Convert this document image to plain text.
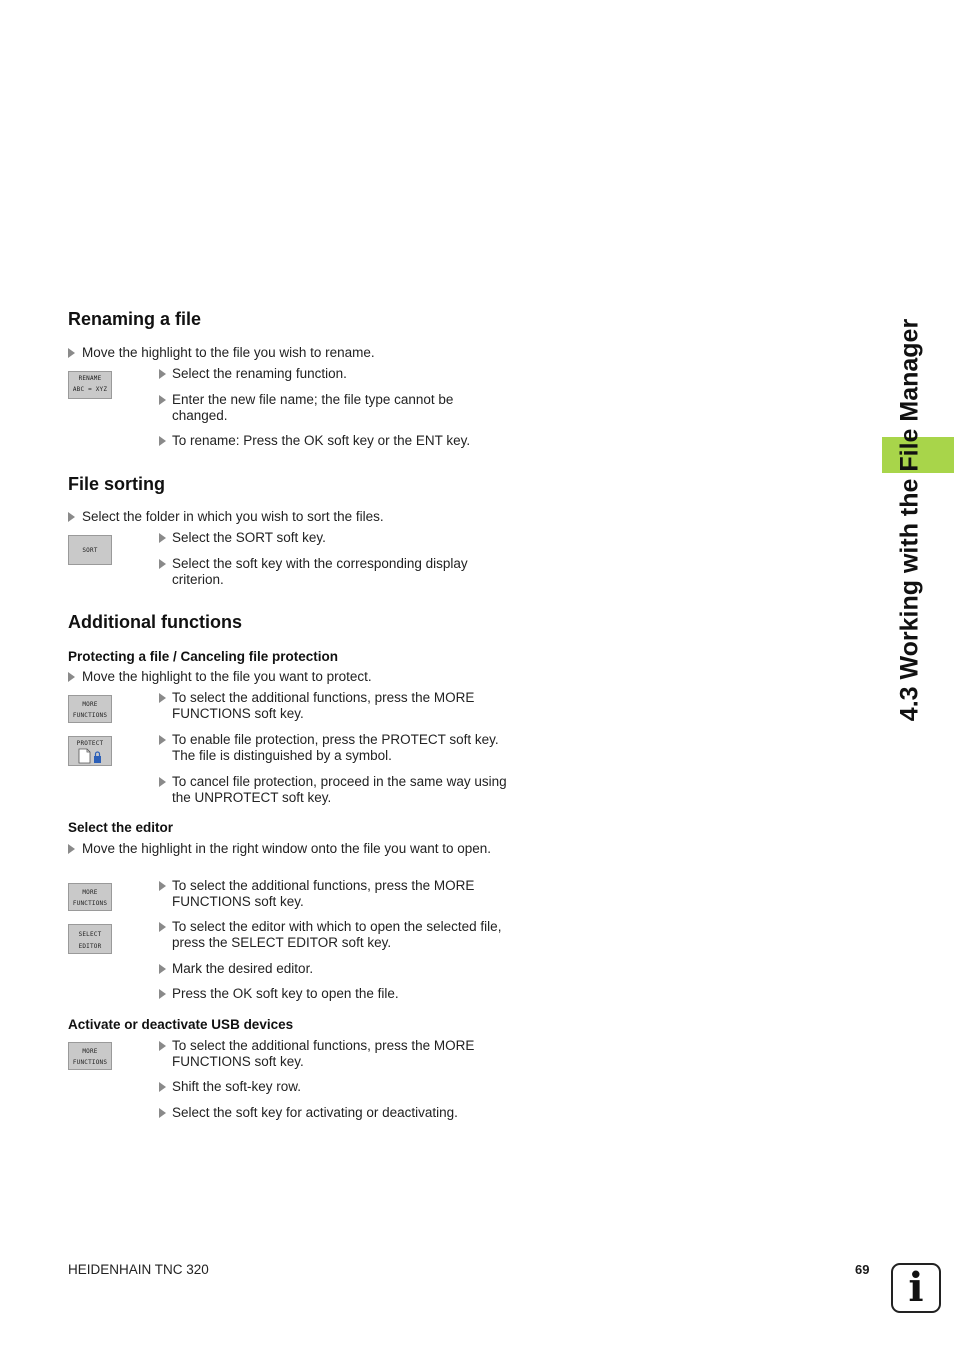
4.3 Working with the File Manager
Renaming a file
Move the highlight to the file you wish to rename.
RENAME
ABC = XYZ
Select the renaming function.
Enter the new file name; the file type cannot be changed.
To rename: Press the OK soft key or the ENT key.
File sorting
Select the folder in which you wish to sort the files.
SORT
Select the SORT soft key.
Select the soft key with the corresponding display criterion.
Additional functions
Protecting a file / Canceling file protection
Move the highlight to the file you want to protect.
MORE
FUNCTIONS
PROTECT
To select the additional functions, press the MORE FUNCTIONS soft key.
To enable file protection, press the PROTECT soft key. The file is distinguished by a symbol.
To cancel file protection, proceed in the same way using the UNPROTECT soft key.
Select the editor
Move the highlight in the right window onto the file you want to open.
MORE
FUNCTIONS
SELECT
EDITOR
To select the additional functions, press the MORE FUNCTIONS soft key.
To select the editor with which to open the selected file, press the SELECT EDITOR soft key.
Mark the desired editor.
Press the OK soft key to open the file.
Activate or deactivate USB devices
MORE
FUNCTIONS
To select the additional functions, press the MORE FUNCTIONS soft key.
Shift the soft-key row.
Select the soft key for activating or deactivating.
HEIDENHAIN TNC 320	69 i
